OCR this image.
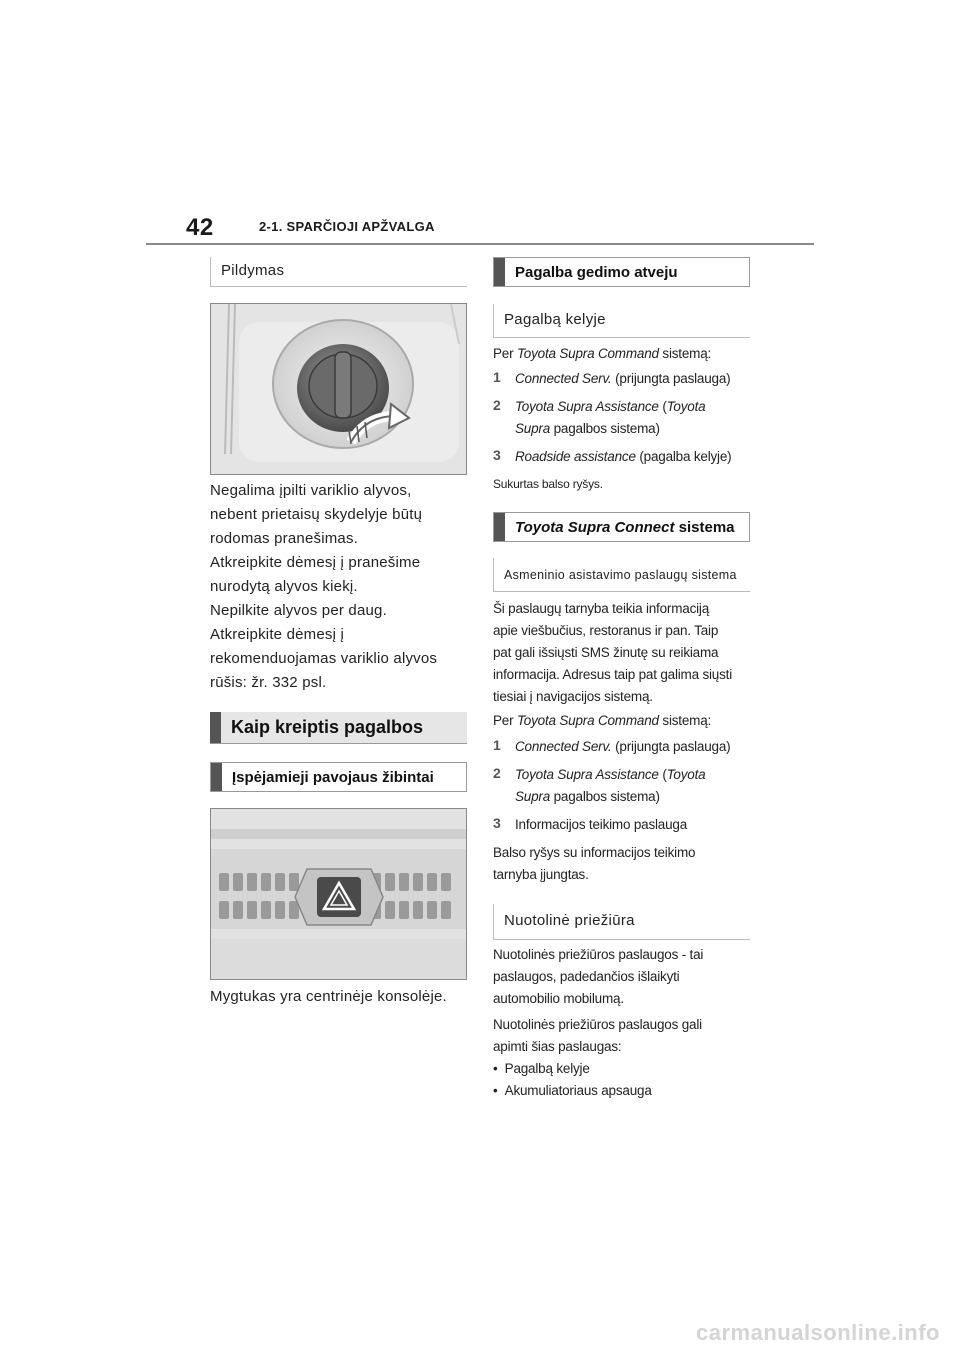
42	2-1. SPARČIOJI APŽVALGA
Pildymas
Negalima įpilti variklio alyvos,
nebent prietaisų skydelyje būtų
rodomas pranešimas.
Atkreipkite dėmesį į pranešime
nurodytą alyvos kiekį.
Nepilkite alyvos per daug.
Atkreipkite dėmesį į
rekomenduojamas variklio alyvos
rūšis: žr. 332 psl.
Kaip kreiptis pagalbos
Įspėjamieji pavojaus žibintai
Mygtukas yra centrinėje konsolėje.
Pagalba gedimo atveju
Pagalbą kelyje
Per Toyota Supra Command sistemą:
1 Connected Serv. (prijungta paslauga)
2 Toyota Supra Assistance (Toyota
Supra pagalbos sistema)
3 Roadside assistance (pagalba kelyje)
Sukurtas balso ryšys.
Toyota Supra Connect
sistema
Asmeninio asistavimo paslaugų sistema
Ši paslaugų tarnyba teikia informaciją
apie viešbučius, restoranus ir pan. Taip
pat gali išsiųsti SMS žinutę su reikiama
informacija. Adresus taip pat galima siųsti
tiesiai į navigacijos sistemą.
Per Toyota Supra Command sistemą:
1 Connected Serv. (prijungta paslauga)
2 Toyota Supra Assistance (Toyota
Supra pagalbos sistema)
3 Informacijos teikimo paslauga
Balso ryšys su informacijos teikimo
tarnyba įjungtas.
Nuotolinė priežiūra
Nuotolinės priežiūros paslaugos - tai
paslaugos, padedančios išlaikyti
automobilio mobilumą.
Nuotolinės priežiūros paslaugos gali
apimti šias paslaugas:
•  Pagalbą kelyje
•  Akumuliatoriaus apsauga
carmanualsonline.info
